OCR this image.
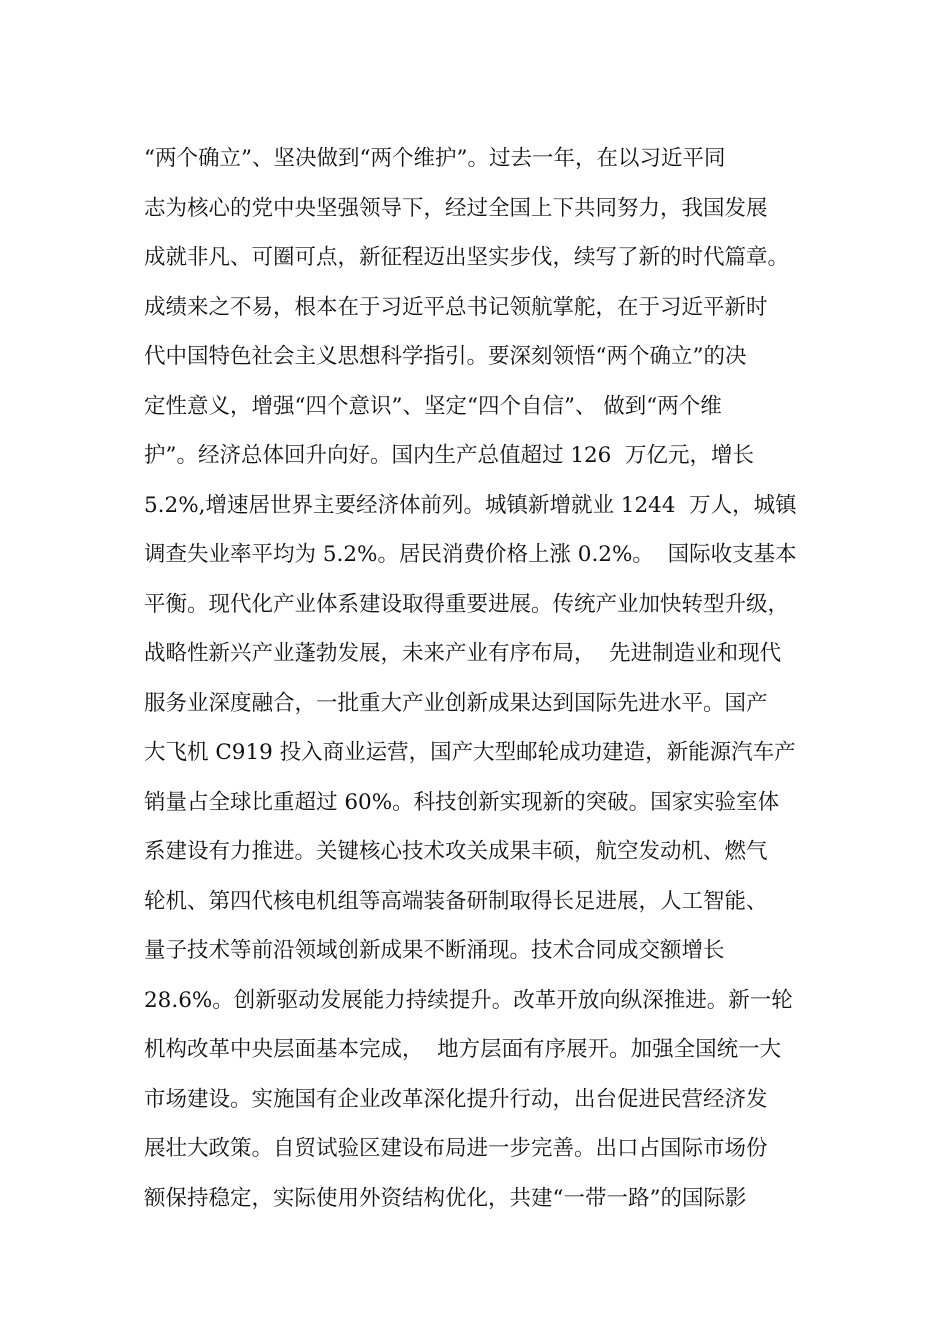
“两个确立”、坚决做到“两个维护”。过去一年，在以习近平同
志为核心的党中央坚强领导下，经过全国上下共同努力，我国发展
成就非凡、可圈可点，新征程迈出坚实步伐，续写了新的时代篇章。
成绩来之不易，根本在于习近平总书记领航掌舵，在于习近平新时
代中国特色社会主义思想科学指引。要深刻领悟“两个确立”的决
定性意义，增强“四个意识”、坚定“四个自信”、 做到“两个维
护”。经济总体回升向好。国内生产总值超过 126  万亿元，增长
5.2%,增速居世界主要经济体前列。城镇新增就业 1244  万人，城镇
调查失业率平均为 5.2%。居民消费价格上涨 0.2%。  国际收支基本
平衡。现代化产业体系建设取得重要进展。传统产业加快转型升级，
战略性新兴产业蓬勃发展，未来产业有序布局，  先进制造业和现代
服务业深度融合，一批重大产业创新成果达到国际先进水平。国产
大飞机 C919 投入商业运营，国产大型邮轮成功建造，新能源汽车产
销量占全球比重超过 60%。科技创新实现新的突破。国家实验室体
系建设有力推进。关键核心技术攻关成果丰硕，航空发动机、燃气
轮机、第四代核电机组等高端装备研制取得长足进展，人工智能、
量子技术等前沿领域创新成果不断涌现。技术合同成交额增长
28.6%。创新驱动发展能力持续提升。改革开放向纵深推进。新一轮
机构改革中央层面基本完成，  地方层面有序展开。加强全国统一大
市场建设。实施国有企业改革深化提升行动，出台促进民营经济发
展壮大政策。自贸试验区建设布局进一步完善。出口占国际市场份
额保持稳定，实际使用外资结构优化，共建“一带一路”的国际影
